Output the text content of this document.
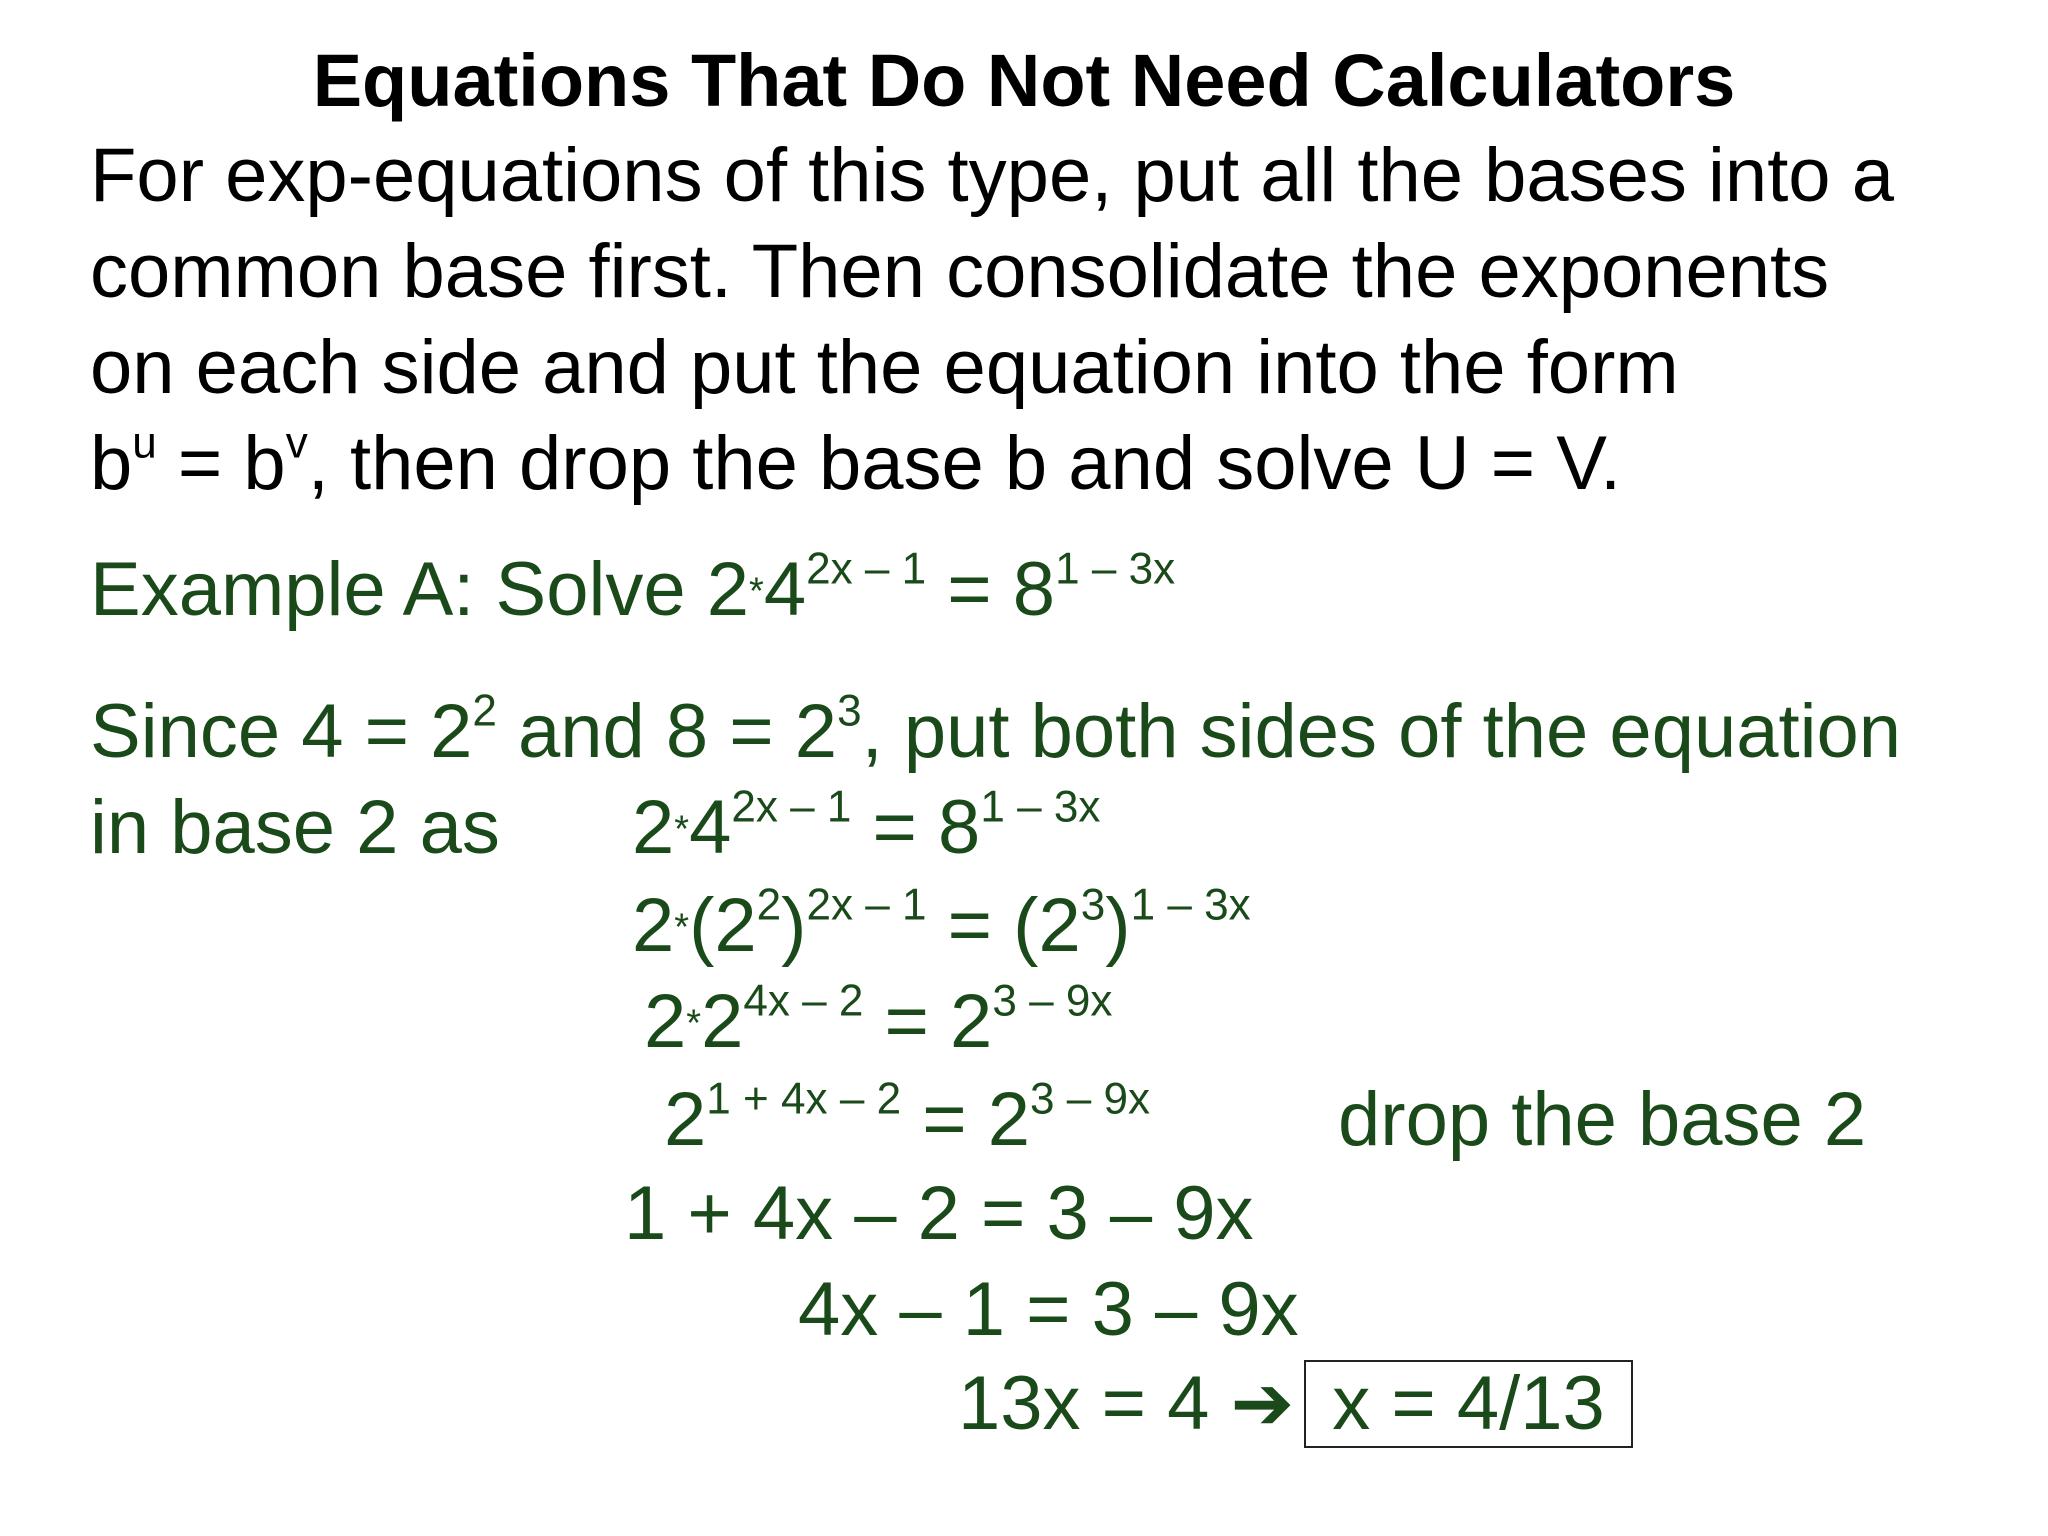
Equations That Do Not Need Calculators
For exp-equations of this type, put all the bases into a
common base first. Then consolidate the exponents
on each side and put the equation into the form
$b^u = b^v$, then drop the base b and solve U = V.
Example A: Solve $2*4^{2x - 1} = 8^{1 - 3x}$
Since $4 = 2^2$ and $8 = 2^3$, put both sides of the equation
in base 2 as $2*4^{2x - 1} = 8^{1 - 3x}$
$2*(2^2)^{2x - 1} = (2^3)^{1 - 3x}$
$2*2^{4x - 2} = 2^{3 - 9x}$
$2^{1 + 4x - 2} = 2^{3 - 9x}$ drop the base 2
1 + 4x – 2 = 3 – 9x
4x – 1 = 3 – 9x
13x = 4 ➔ x = 4/13
